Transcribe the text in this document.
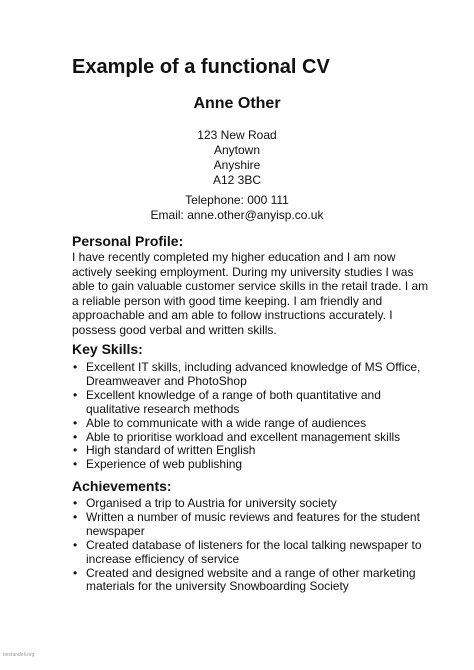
Example of a functional CV
Anne Other
123 New Road
Anytown
Anyshire
A12 3BC
Telephone: 000 111
Email: anne.other@anyisp.co.uk
Personal Profile:
I have recently completed my higher education and I am now
actively seeking employment. During my university studies I was
able to gain valuable customer service skills in the retail trade. I am
a reliable person with good time keeping. I am friendly and
approachable and am able to follow instructions accurately. I
possess good verbal and written skills.
Key Skills:
• Excellent IT skills, including advanced knowledge of MS Office,
Dreamweaver and PhotoShop
• Excellent knowledge of a range of both quantitative and
qualitative research methods
• Able to communicate with a wide range of audiences
• Able to prioritise workload and excellent management skills
• High standard of written English
• Experience of web publishing
Achievements:
• Organised a trip to Austria for university society
• Written a number of music reviews and features for the student
newspaper
• Created database of listeners for the local talking newspaper to
increase efficiency of service
• Created and designed website and a range of other marketing
materials for the university Snowboarding Society
bestandeli.org
